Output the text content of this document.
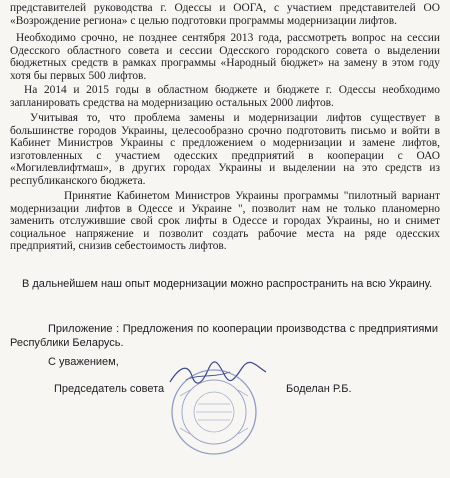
представителей руководства г. Одессы и ООГА, с участием представителей ОО «Возрождение региона» с целью подготовки программы модернизации лифтов.

Необходимо срочно, не позднее сентября 2013 года, рассмотреть вопрос на сессии Одесского областного совета и сессии Одесского городского совета о выделении бюджетных средств в рамках программы «Народный бюджет» на замену в этом году хотя бы первых 500 лифтов.

На 2014 и 2015 годы в областном бюджете и бюджете г. Одессы необходимо запланировать средства на модернизацию остальных 2000 лифтов.

Учитывая то, что проблема замены и модернизации лифтов существует в большинстве городов Украины, целесообразно срочно подготовить письмо и войти в Кабинет Министров Украины с предложением о модернизации и замене лифтов, изготовленных с участием одесских предприятий в кооперации с ОАО «Могилевлифтмаш», в других городах Украины и выделении на это средств из республиканского бюджета.

Принятие Кабинетом Министров Украины программы "пилотный вариант модернизации лифтов в Одессе и Украине ", позволит нам не только планомерно заменить отслужившие свой срок лифты в Одессе и городах Украины, но и снимет социальное напряжение и позволит создать рабочие места на ряде одесских предприятий, снизив себестоимость лифтов.

В дальнейшем наш опыт модернизации можно распространить на всю Украину.

Приложение : Предложения по кооперации производства с предприятиями Республики Беларусь.

С уважением,

Председатель совета	Боделан Р.Б.
